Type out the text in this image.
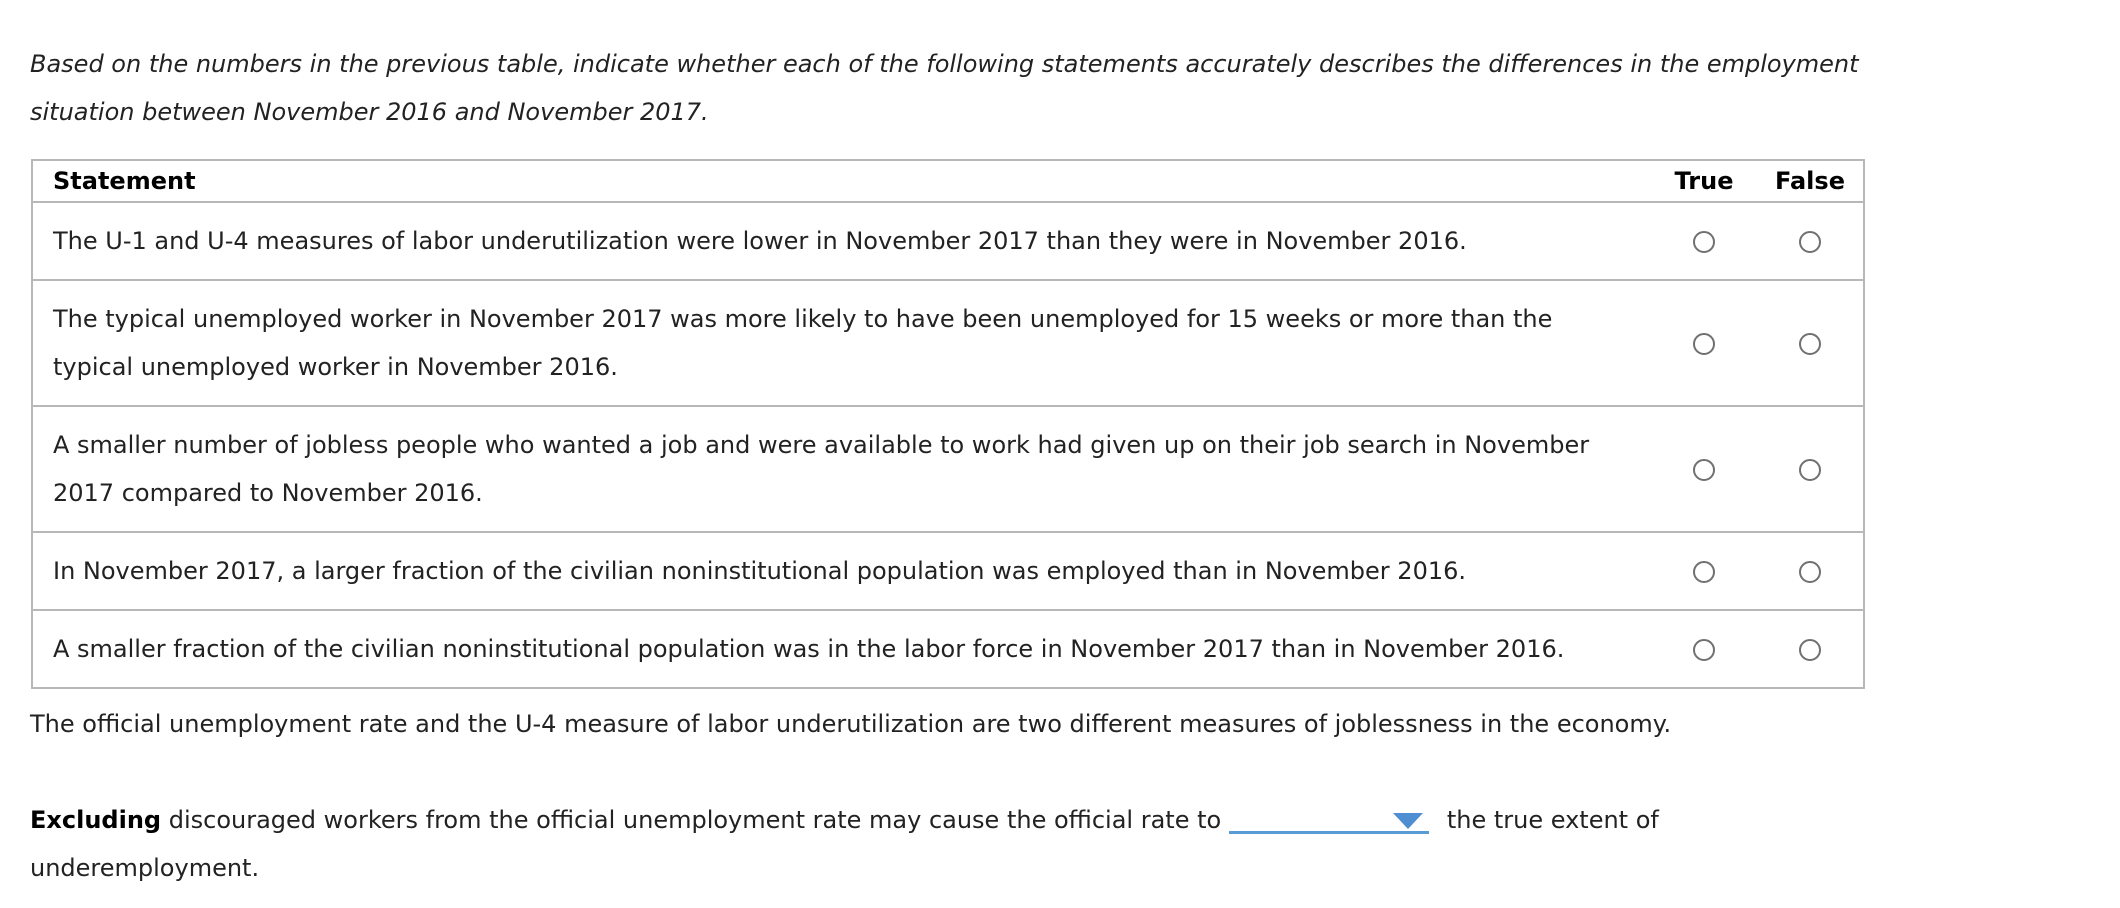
Based on the numbers in the previous table, indicate whether each of the following statements accurately describes the differences in the employment situation between November 2016 and November 2017.
Statement	True	False
The U-1 and U-4 measures of labor underutilization were lower in November 2017 than they were in November 2016.		
The typical unemployed worker in November 2017 was more likely to have been unemployed for 15 weeks or more than the typical unemployed worker in November 2016.		
A smaller number of jobless people who wanted a job and were available to work had given up on their job search in November 2017 compared to November 2016.		
In November 2017, a larger fraction of the civilian noninstitutional population was employed than in November 2016.		
A smaller fraction of the civilian noninstitutional population was in the labor force in November 2017 than in November 2016.		
The official unemployment rate and the U-4 measure of labor underutilization are two different measures of joblessness in the economy.
Excluding discouraged workers from the official unemployment rate may cause the official rate to	the true extent of underemployment.
